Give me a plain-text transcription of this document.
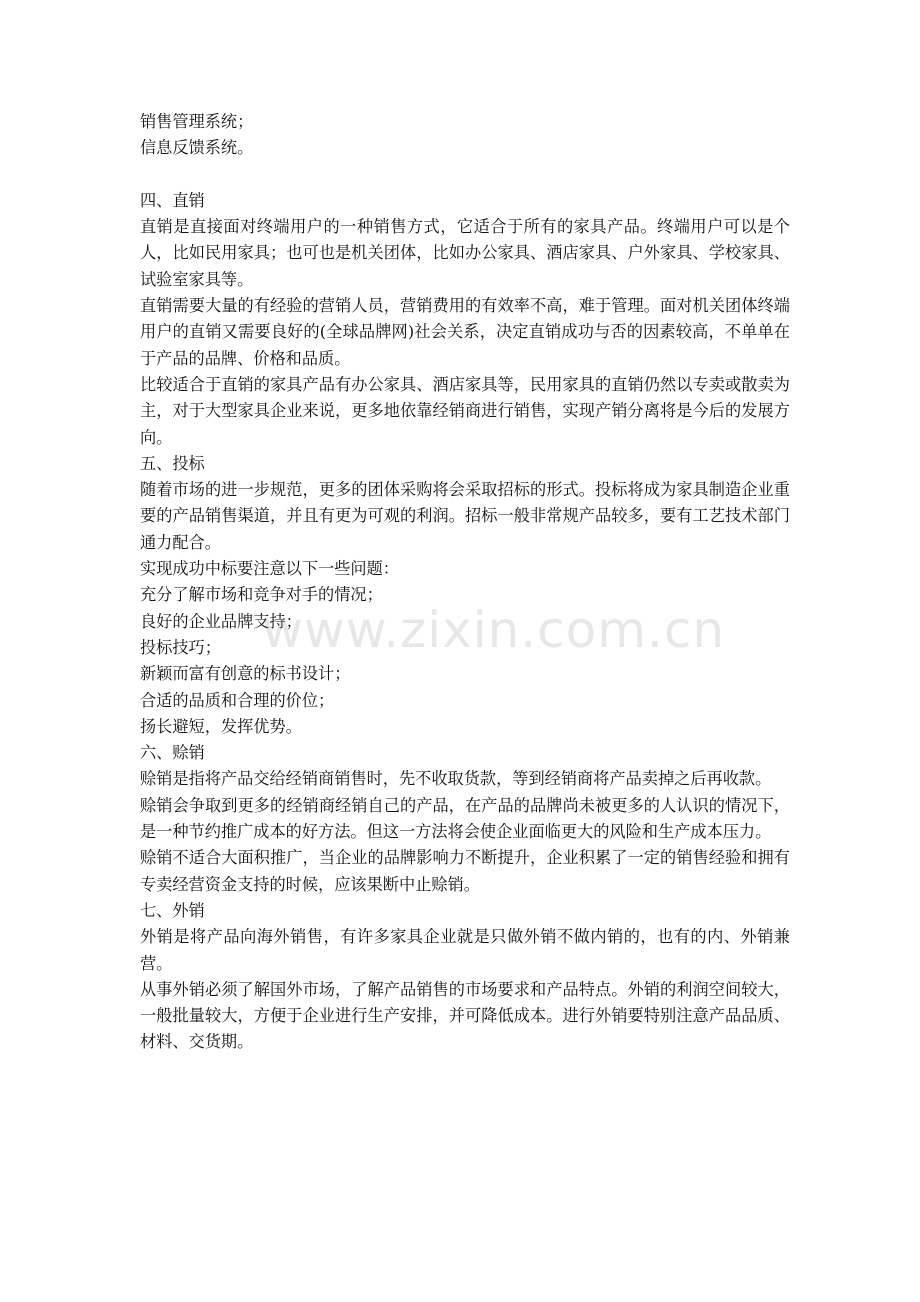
销售管理系统；

信息反馈系统。

四、直销

直销是直接面对终端用户的一种销售方式，它适合于所有的家具产品。终端用户可以是个人，比如民用家具；也可也是机关团体，比如办公家具、酒店家具、户外家具、学校家具、试验室家具等。

直销需要大量的有经验的营销人员，营销费用的有效率不高，难于管理。面对机关团体终端用户的直销又需要良好的(全球品牌网)社会关系，决定直销成功与否的因素较高，不单单在于产品的品牌、价格和品质。

比较适合于直销的家具产品有办公家具、酒店家具等，民用家具的直销仍然以专卖或散卖为主，对于大型家具企业来说，更多地依靠经销商进行销售，实现产销分离将是今后的发展方向。

五、投标

随着市场的进一步规范，更多的团体采购将会采取招标的形式。投标将成为家具制造企业重要的产品销售渠道，并且有更为可观的利润。招标一般非常规产品较多，要有工艺技术部门通力配合。

实现成功中标要注意以下一些问题：

充分了解市场和竞争对手的情况；

良好的企业品牌支持；

投标技巧；

新颖而富有创意的标书设计；

合适的品质和合理的价位；

扬长避短，发挥优势。

六、赊销

赊销是指将产品交给经销商销售时，先不收取货款，等到经销商将产品卖掉之后再收款。

赊销会争取到更多的经销商经销自己的产品，在产品的品牌尚未被更多的人认识的情况下，是一种节约推广成本的好方法。但这一方法将会使企业面临更大的风险和生产成本压力。

赊销不适合大面积推广，当企业的品牌影响力不断提升，企业积累了一定的销售经验和拥有专卖经营资金支持的时候，应该果断中止赊销。

七、外销

外销是将产品向海外销售，有许多家具企业就是只做外销不做内销的，也有的内、外销兼营。

从事外销必须了解国外市场，了解产品销售的市场要求和产品特点。外销的利润空间较大，一般批量较大，方便于企业进行生产安排，并可降低成本。进行外销要特别注意产品品质、材料、交货期。

www.zixin.com.cn
